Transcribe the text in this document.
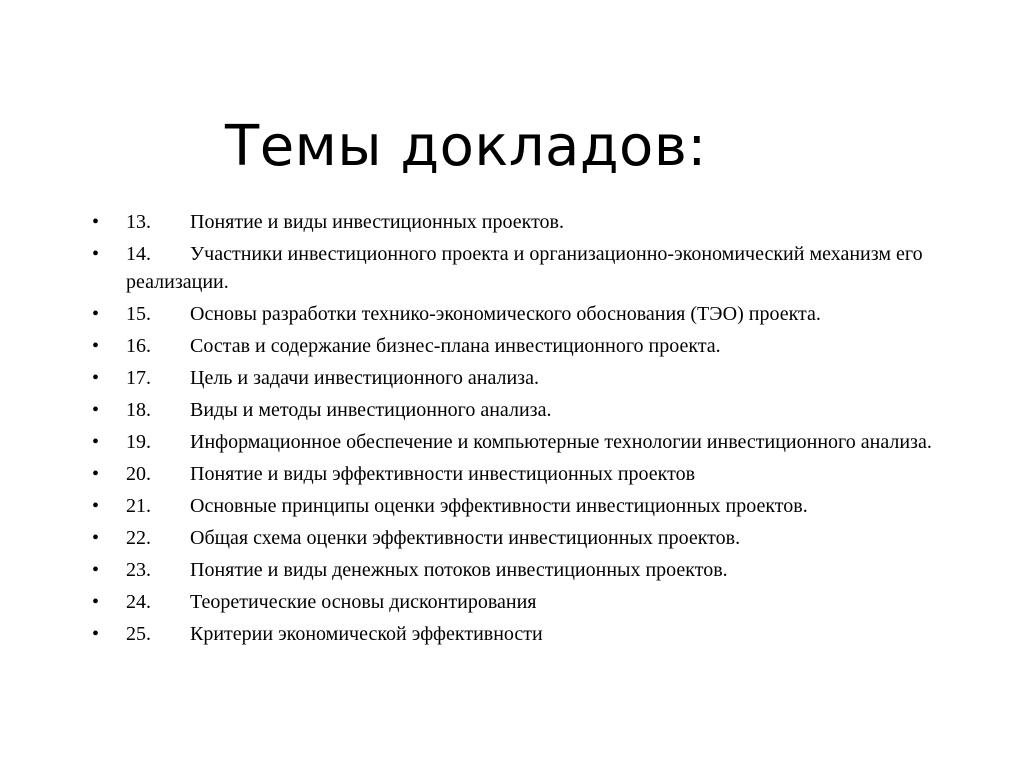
Темы докладов:
•	13. Понятие и виды инвестиционных проектов.
•	14. Участники инвестиционного проекта и организационно-экономический механизм его реализации.
•	15. Основы разработки технико-экономического обоснования (ТЭО) проекта.
•	16. Состав и содержание бизнес-плана инвестиционного проекта.
•	17. Цель и задачи инвестиционного анализа.
•	18. Виды и методы инвестиционного анализа.
•	19. Информационное обеспечение и компьютерные технологии инвестиционного анализа.
•	20. Понятие и виды эффективности инвестиционных проектов
•	21. Основные принципы оценки эффективности инвестиционных проектов.
•	22. Общая схема оценки эффективности инвестиционных проектов.
•	23. Понятие и виды денежных потоков инвестиционных проектов.
•	24. Теоретические основы дисконтирования
•	25. Критерии экономической эффективности
